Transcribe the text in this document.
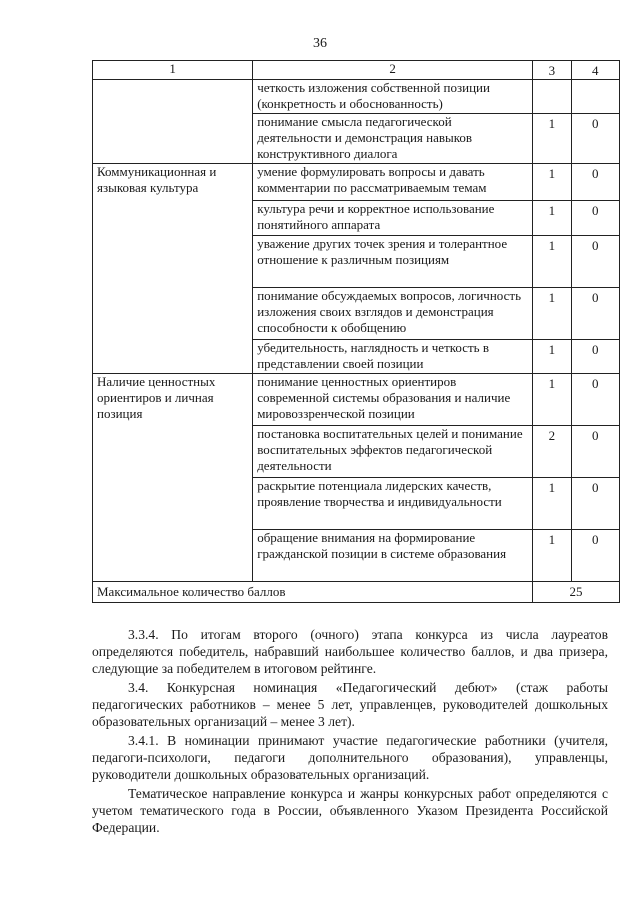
36
1	2	3	4
	четкость изложения собственной позиции (конкретность и обоснованность)		
	понимание смысла педагогической деятельности и демонстрация навыков конструктивного диалога	1	0
Коммуникационная и языковая культура	умение формулировать вопросы и давать комментарии по рассматриваемым темам	1	0
	культура речи и корректное использование понятийного аппарата	1	0
	уважение других точек зрения и толерантное отношение к различным позициям	1	0
	понимание обсуждаемых вопросов, логичность изложения своих взглядов и демонстрация способности к обобщению	1	0
	убедительность, наглядность и четкость в представлении своей позиции	1	0
Наличие ценностных ориентиров и личная позиция	понимание ценностных ориентиров современной системы образования и наличие мировоззренческой позиции	1	0
	постановка воспитательных целей и понимание воспитательных эффектов педагогической деятельности	2	0
	раскрытие потенциала лидерских качеств, проявление творчества и индивидуальности	1	0
	обращение внимания на формирование гражданской позиции в системе образования	1	0
Максимальное количество баллов		25	

3.3.4. По итогам второго (очного) этапа конкурса из числа лауреатов определяются победитель, набравший наибольшее количество баллов, и два призера, следующие за победителем в итоговом рейтинге.

3.4. Конкурсная номинация «Педагогический дебют» (стаж работы педагогических работников – менее 5 лет, управленцев, руководителей дошкольных образовательных организаций – менее 3 лет).

3.4.1. В номинации принимают участие педагогические работники (учителя, педагоги-психологи, педагоги дополнительного образования), управленцы, руководители дошкольных образовательных организаций.

Тематическое направление конкурса и жанры конкурсных работ определяются с учетом тематического года в России, объявленного Указом Президента Российской Федерации.
